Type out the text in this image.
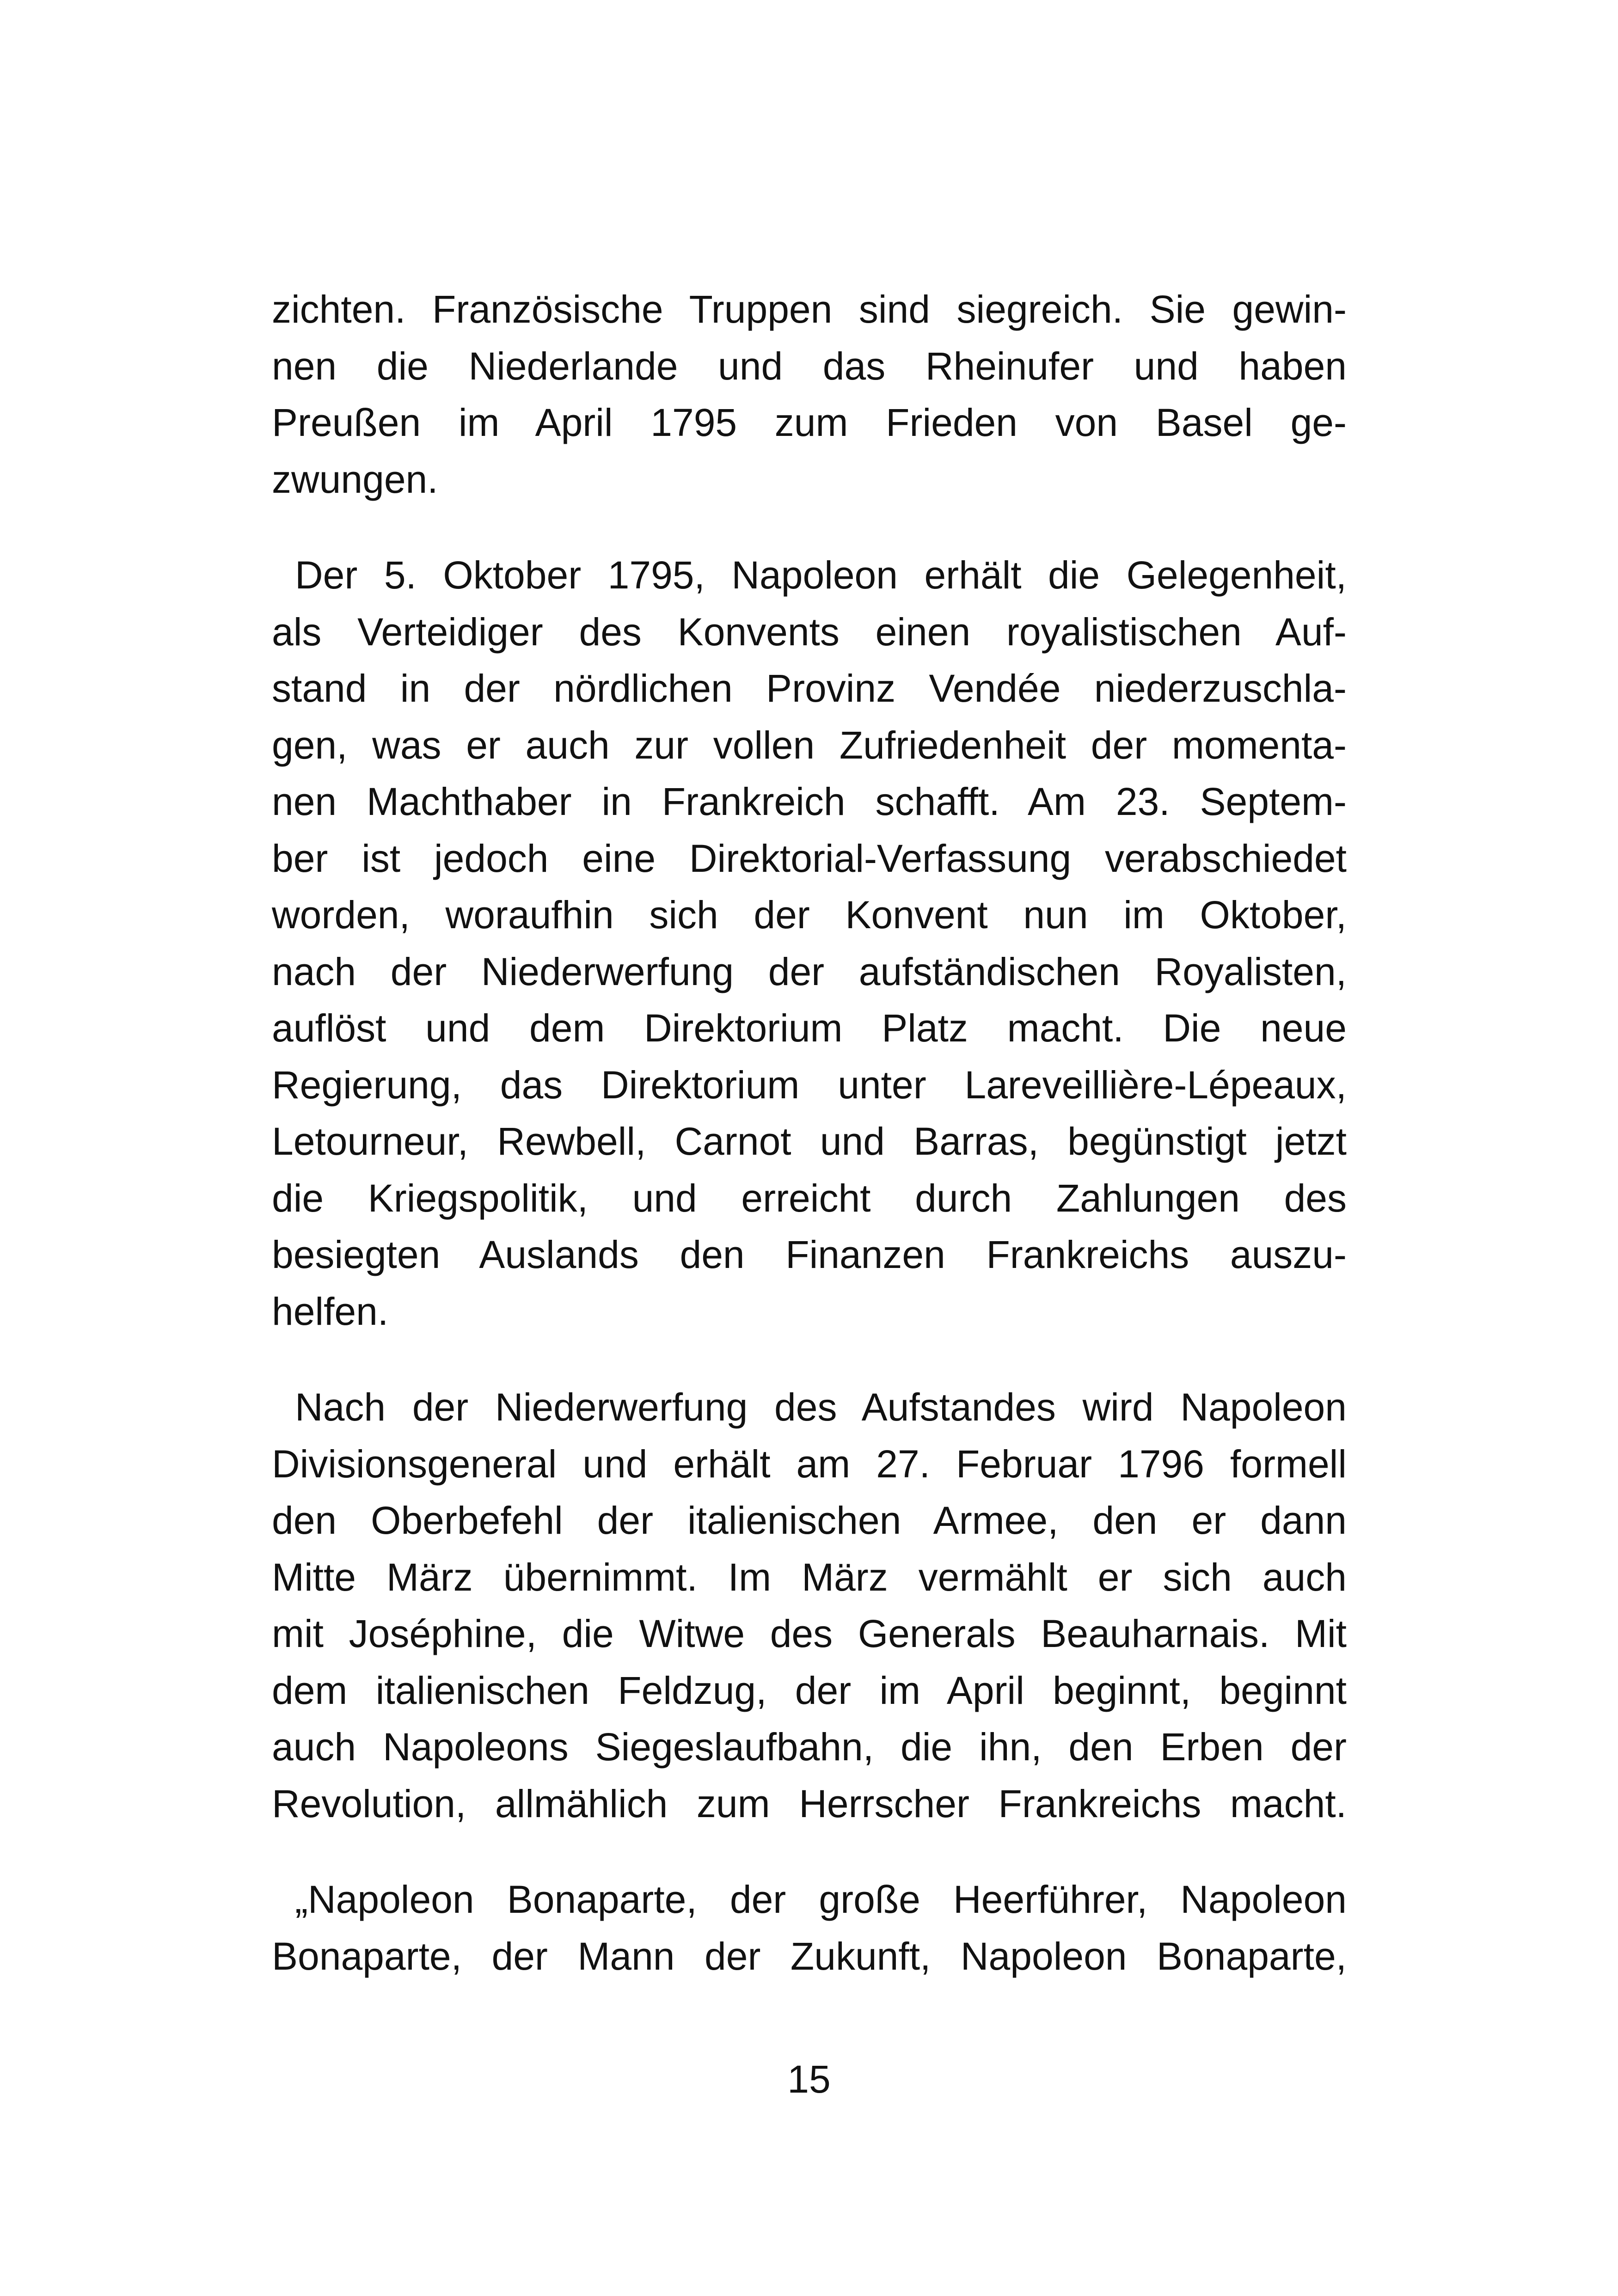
zichten. Französische Truppen sind siegreich. Sie gewin-
nen die Niederlande und das Rheinufer und haben
Preußen im April 1795 zum Frieden von Basel ge-
zwungen.
Der 5. Oktober 1795, Napoleon erhält die Gelegenheit,
als Verteidiger des Konvents einen royalistischen Auf-
stand in der nördlichen Provinz Vendée niederzuschla-
gen, was er auch zur vollen Zufriedenheit der momenta-
nen Machthaber in Frankreich schafft. Am 23. Septem-
ber ist jedoch eine Direktorial-Verfassung verabschiedet
worden, woraufhin sich der Konvent nun im Oktober,
nach der Niederwerfung der aufständischen Royalisten,
auflöst und dem Direktorium Platz macht. Die neue
Regierung, das Direktorium unter Lareveillière-Lépeaux,
Letourneur, Rewbell, Carnot und Barras, begünstigt jetzt
die Kriegspolitik, und erreicht durch Zahlungen des
besiegten Auslands den Finanzen Frankreichs auszu-
helfen.
Nach der Niederwerfung des Aufstandes wird Napoleon
Divisionsgeneral und erhält am 27. Februar 1796 formell
den Oberbefehl der italienischen Armee, den er dann
Mitte März übernimmt. Im März vermählt er sich auch
mit Joséphine, die Witwe des Generals Beauharnais. Mit
dem italienischen Feldzug, der im April beginnt, beginnt
auch Napoleons Siegeslaufbahn, die ihn, den Erben der
Revolution, allmählich zum Herrscher Frankreichs macht.
„Napoleon Bonaparte, der große Heerführer, Napoleon
Bonaparte, der Mann der Zukunft, Napoleon Bonaparte,
15
